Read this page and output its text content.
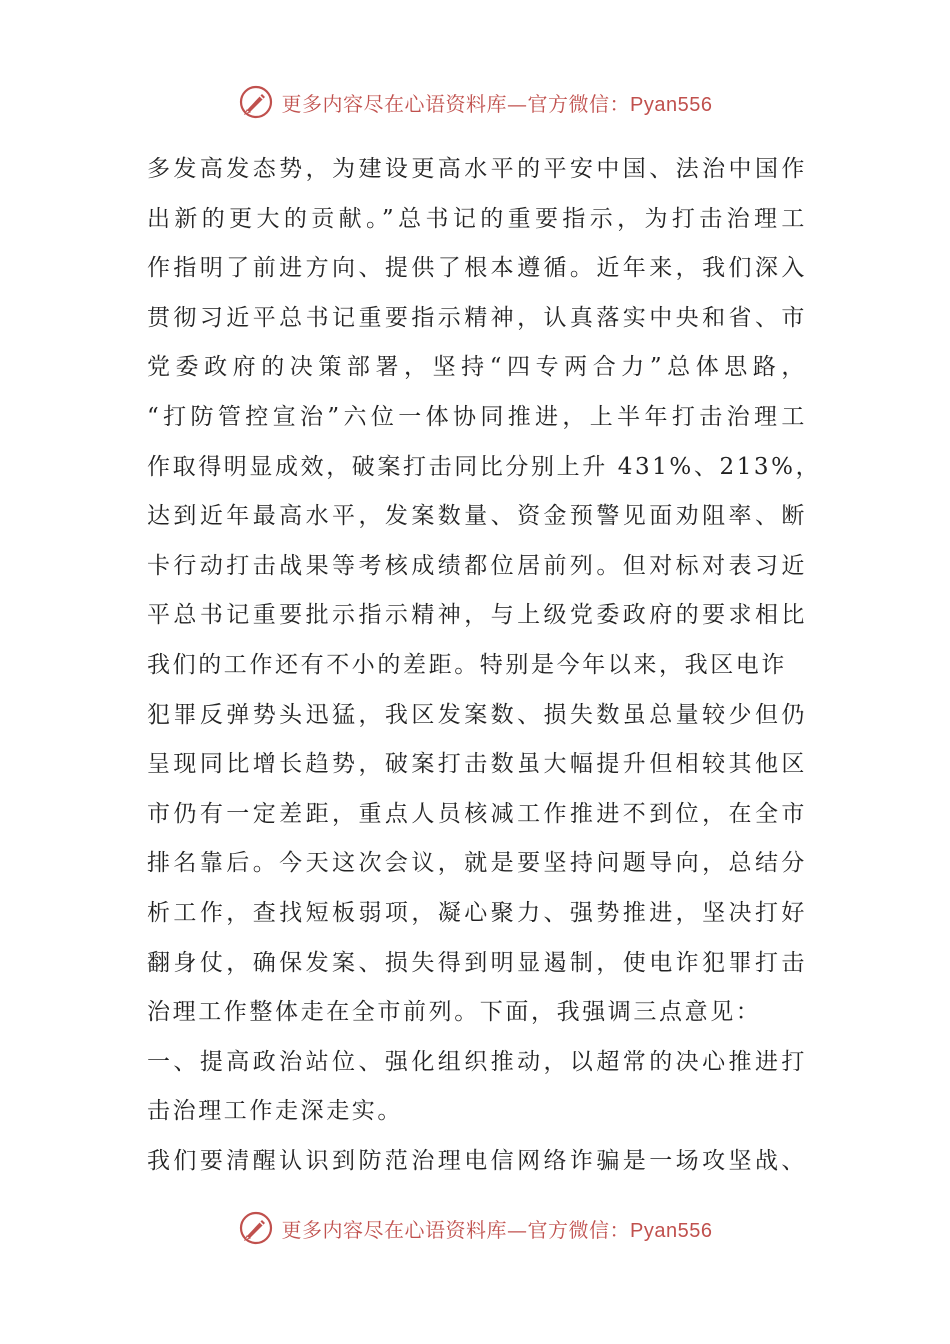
更多内容尽在心语资料库—官方微信：Pyan556
多发高发态势，为建设更高水平的平安中国、法治中国作
出新的更大的贡献。”总书记的重要指示，为打击治理工
作指明了前进方向、提供了根本遵循。近年来，我们深入
贯彻习近平总书记重要指示精神，认真落实中央和省、市
党委政府的决策部署，坚持“四专两合力”总体思路，
“打防管控宣治”六位一体协同推进，上半年打击治理工
作取得明显成效，破案打击同比分别上升 431%、213%，
达到近年最高水平，发案数量、资金预警见面劝阻率、断
卡行动打击战果等考核成绩都位居前列。但对标对表习近
平总书记重要批示指示精神，与上级党委政府的要求相比
我们的工作还有不小的差距。特别是今年以来，我区电诈
犯罪反弹势头迅猛，我区发案数、损失数虽总量较少但仍
呈现同比增长趋势，破案打击数虽大幅提升但相较其他区
市仍有一定差距，重点人员核减工作推进不到位，在全市
排名靠后。今天这次会议，就是要坚持问题导向，总结分
析工作，查找短板弱项，凝心聚力、强势推进，坚决打好
翻身仗，确保发案、损失得到明显遏制，使电诈犯罪打击
治理工作整体走在全市前列。下面，我强调三点意见：
一、提高政治站位、强化组织推动，以超常的决心推进打
击治理工作走深走实。
我们要清醒认识到防范治理电信网络诈骗是一场攻坚战、
更多内容尽在心语资料库—官方微信：Pyan556
